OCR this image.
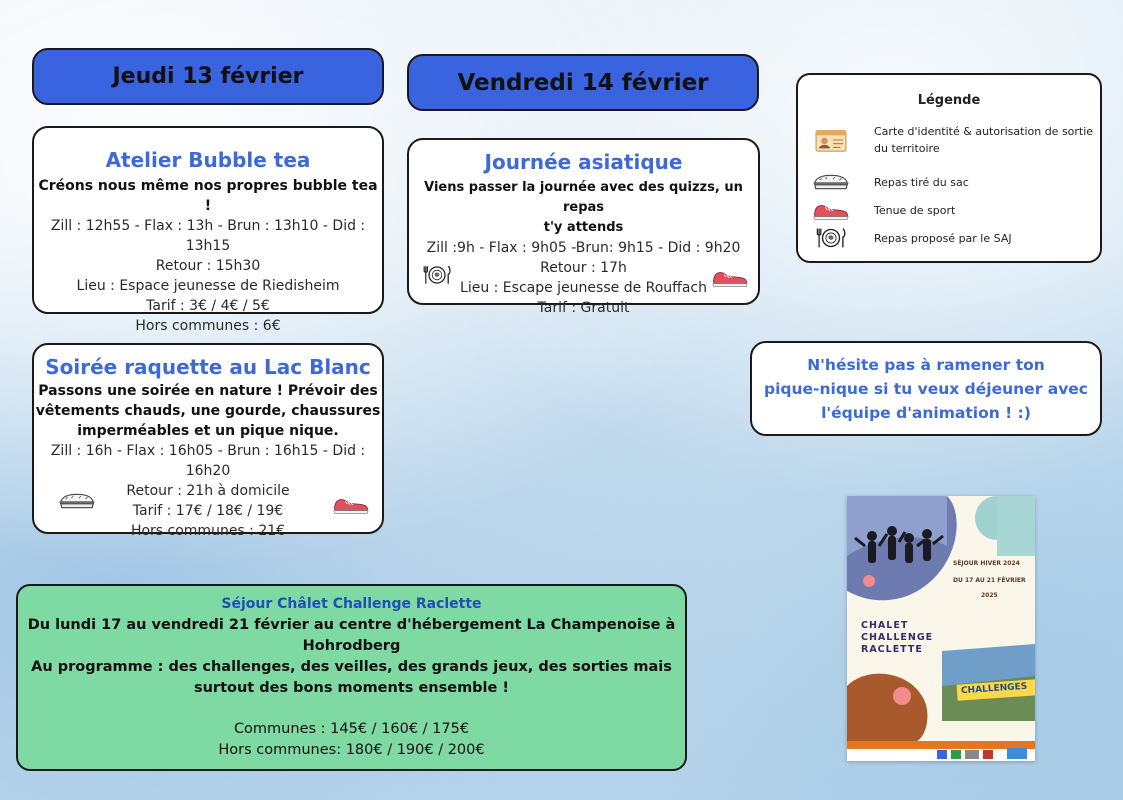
Jeudi 13 février	Vendredi 14 février
Atelier Bubble tea
Créons nous même nos propres bubble tea !
Zill : 12h55 - Flax : 13h - Brun : 13h10 - Did : 13h15
Retour : 15h30
Lieu : Espace jeunesse de Riedisheim
Tarif : 3€ / 4€ / 5€
Hors communes : 6€
Journée asiatique
Viens passer la journée avec des quizzs, un repas
t'y attends
Zill :9h - Flax : 9h05 -Brun: 9h15 - Did : 9h20
Retour : 17h
Lieu : Escape jeunesse de Rouffach
Tarif : Gratuit
Soirée raquette au Lac Blanc
Passons une soirée en nature ! Prévoir des
vêtements chauds, une gourde, chaussures
imperméables et un pique nique.
Zill : 16h - Flax : 16h05 - Brun : 16h15 - Did : 16h20
Retour : 21h à domicile
Tarif : 17€ / 18€ / 19€
Hors communes : 21€
Légende
Carte d'identité & autorisation de sortie
du territoire
Repas tiré du sac
Tenue de sport
Repas proposé par le SAJ
N'hésite pas à ramener ton
pique-nique si tu veux déjeuner avec
l'équipe d'animation ! :)
Séjour Châlet Challenge Raclette
Du lundi 17 au vendredi 21 février au centre d'hébergement La Champenoise à
Hohrodberg
Au programme : des challenges, des veilles, des grands jeux, des sorties mais
surtout des bons moments ensemble !
Communes : 145€ / 160€ / 175€
Hors communes: 180€ / 190€ / 200€
SÉJOUR HIVER 2024
DU 17 AU 21 FÉVRIER
2025
CHALET
CHALLENGE
RACLETTE
CHALLENGES
